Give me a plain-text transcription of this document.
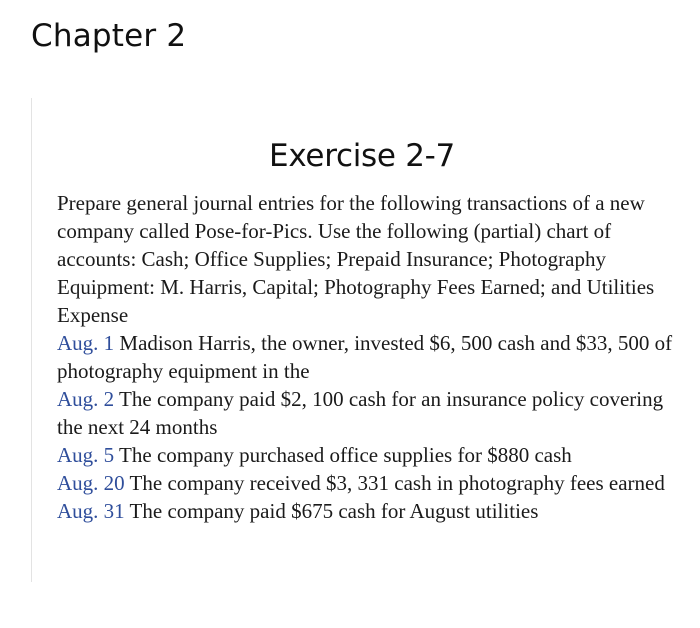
Chapter 2
Exercise 2-7

Prepare general journal entries for the following transactions of a new company called Pose-for-Pics. Use the following (partial) chart of accounts: Cash; Office Supplies; Prepaid Insurance; Photography Equipment: M. Harris, Capital; Photography Fees Earned; and Utilities Expense

Aug. 1 Madison Harris, the owner, invested $6, 500 cash and $33, 500 of photography equipment in the

Aug. 2 The company paid $2, 100 cash for an insurance policy covering the next 24 months

Aug. 5 The company purchased office supplies for $880 cash

Aug. 20 The company received $3, 331 cash in photography fees earned

Aug. 31 The company paid $675 cash for August utilities
